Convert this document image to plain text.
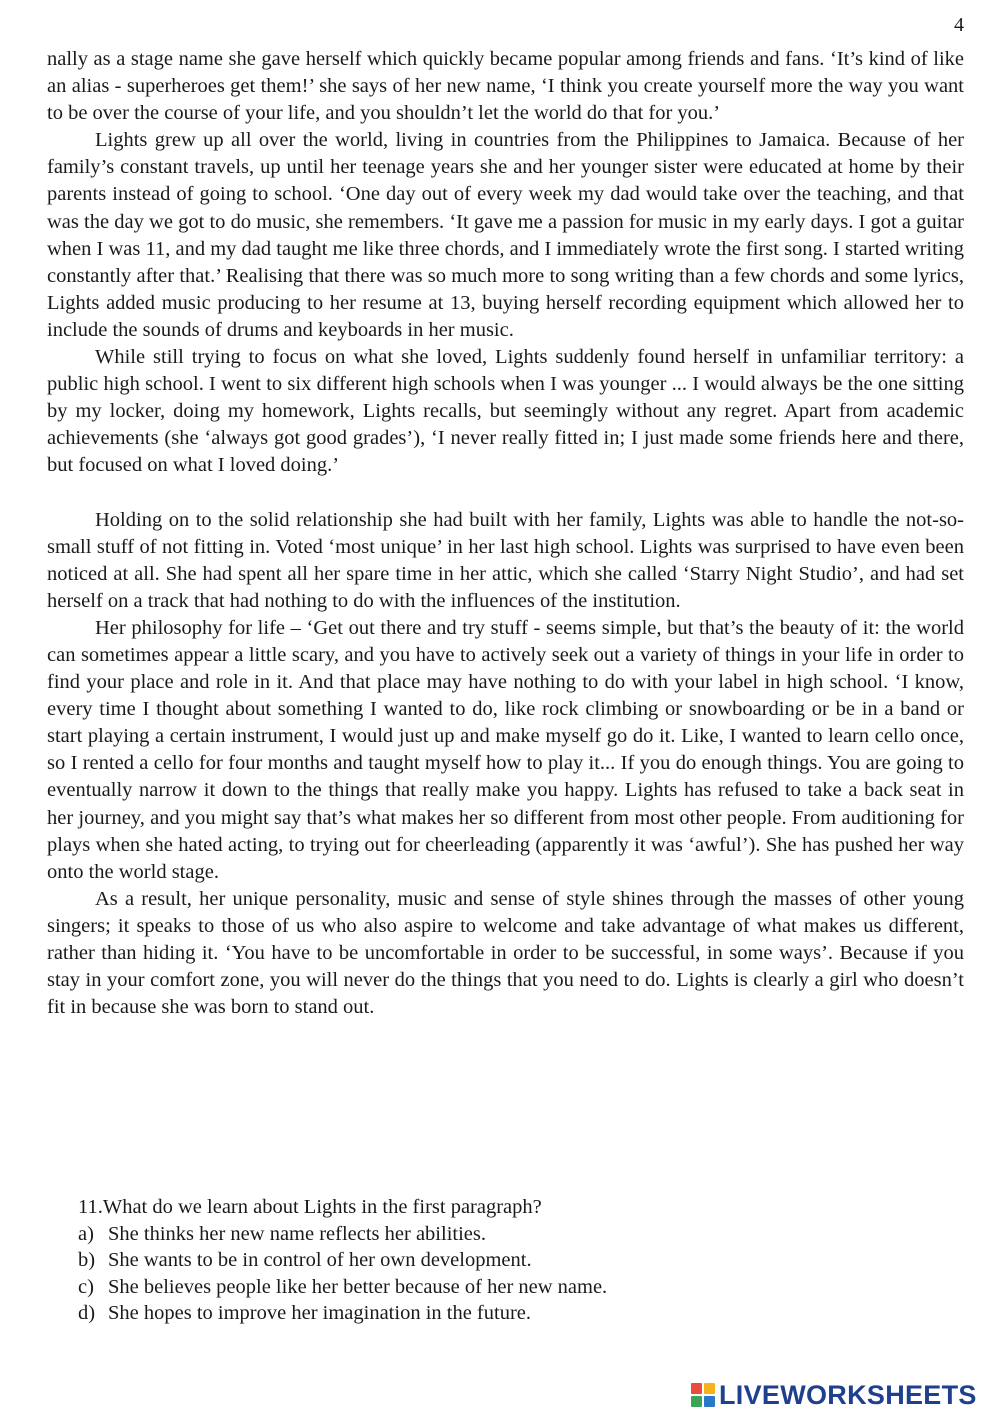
4

nally as a stage name she gave herself which quickly became popular among friends and fans. ‘It’s kind of like an alias - superheroes get them!’ she says of her new name, ‘I think you create yourself more the way you want to be over the course of your life, and you shouldn’t let the world do that for you.’

Lights grew up all over the world, living in countries from the Philippines to Jamaica. Because of her family’s constant travels, up until her teenage years she and her younger sister were educated at home by their parents instead of going to school. ‘One day out of every week my dad would take over the teaching, and that was the day we got to do music, she remembers. ‘It gave me a passion for music in my early days. I got a guitar when I was 11, and my dad taught me like three chords, and I immediately wrote the first song. I started writing constantly after that.’ Realising that there was so much more to song writing than a few chords and some lyrics, Lights added music producing to her resume at 13, buying herself recording equipment which allowed her to include the sounds of drums and keyboards in her music.

While still trying to focus on what she loved, Lights suddenly found herself in unfamiliar territory: a public high school. I went to six different high schools when I was younger ... I would always be the one sitting by my locker, doing my homework, Lights recalls, but seemingly without any regret. Apart from academic achievements (she ‘always got good grades’), ‘I never really fitted in; I just made some friends here and there, but focused on what I loved doing.’

Holding on to the solid relationship she had built with her family, Lights was able to handle the not-so-small stuff of not fitting in. Voted ‘most unique’ in her last high school. Lights was surprised to have even been noticed at all. She had spent all her spare time in her attic, which she called ‘Starry Night Studio’, and had set herself on a track that had nothing to do with the influences of the institution.

Her philosophy for life – ‘Get out there and try stuff - seems simple, but that’s the beauty of it: the world can sometimes appear a little scary, and you have to actively seek out a variety of things in your life in order to find your place and role in it. And that place may have nothing to do with your label in high school. ‘I know, every time I thought about something I wanted to do, like rock climbing or snowboarding or be in a band or start playing a certain instrument, I would just up and make myself go do it. Like, I wanted to learn cello once, so I rented a cello for four months and taught myself how to play it... If you do enough things. You are going to eventually narrow it down to the things that really make you happy. Lights has refused to take a back seat in her journey, and you might say that’s what makes her so different from most other people. From auditioning for plays when she hated acting, to trying out for cheerleading (apparently it was ‘awful’). She has pushed her way onto the world stage.

As a result, her unique personality, music and sense of style shines through the masses of other young singers; it speaks to those of us who also aspire to welcome and take advantage of what makes us different, rather than hiding it. ‘You have to be uncomfortable in order to be successful, in some ways’. Because if you stay in your comfort zone, you will never do the things that you need to do. Lights is clearly a girl who doesn’t fit in because she was born to stand out.

11.What do we learn about Lights in the first paragraph?

a) She thinks her new name reflects her abilities.
b) She wants to be in control of her own development.
c) She believes people like her better because of her new name.
d) She hopes to improve her imagination in the future.
LIVEWORKSHEETS
